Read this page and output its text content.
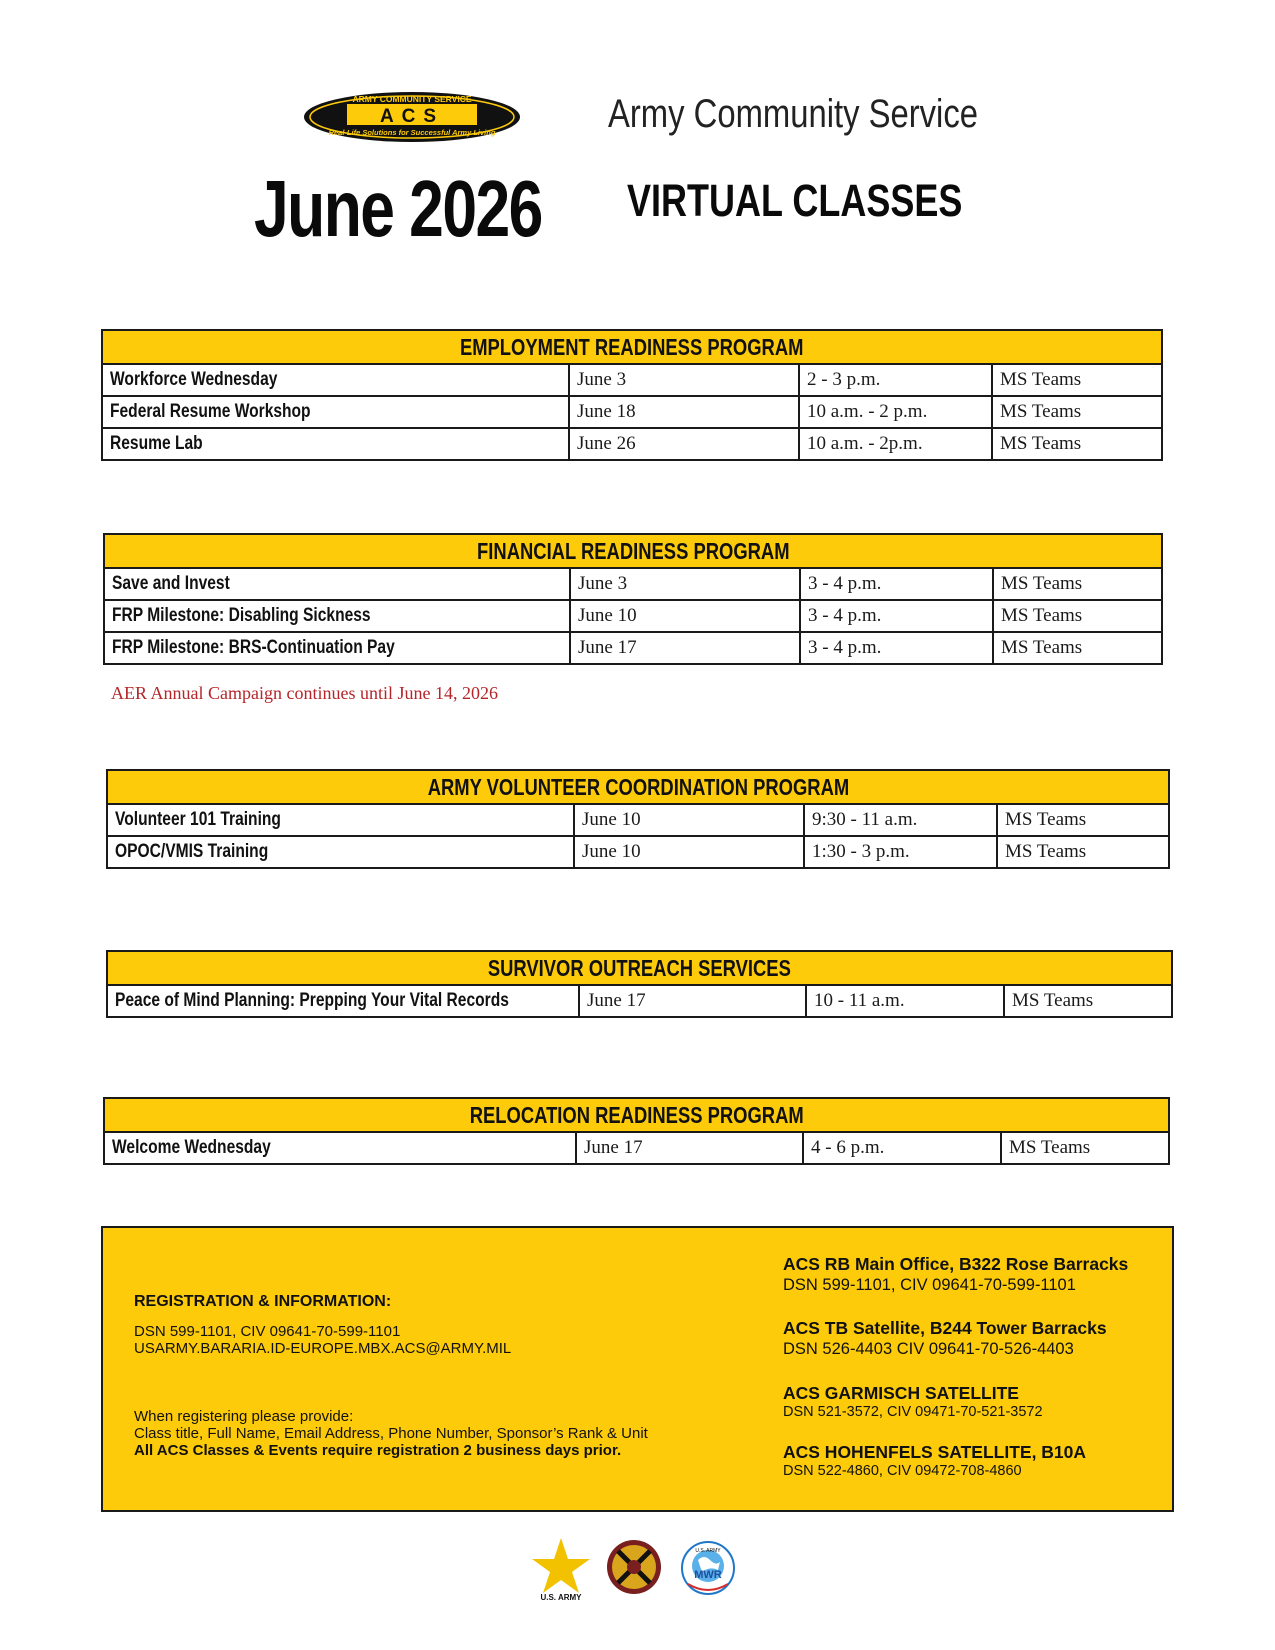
ARMY COMMUNITY SERVICE
ACS
Real-Life Solutions for Successful Army Living	Army Community Service
June 2026 VIRTUAL CLASSES
EMPLOYMENT READINESS PROGRAM
Workforce Wednesday	June 3	2 - 3 p.m.	MS Teams
Federal Resume Workshop	June 18	10 a.m. - 2 p.m.	MS Teams
Resume Lab	June 26	10 a.m. - 2p.m.	MS Teams
FINANCIAL READINESS PROGRAM
Save and Invest	June 3	3 - 4 p.m.	MS Teams
FRP Milestone: Disabling Sickness	June 10	3 - 4 p.m.	MS Teams
FRP Milestone: BRS-Continuation Pay	June 17	3 - 4 p.m.	MS Teams
AER Annual Campaign continues until June 14, 2026
ARMY VOLUNTEER COORDINATION PROGRAM
Volunteer 101 Training	June 10	9:30 - 11 a.m.	MS Teams
OPOC/VMIS Training	June 10	1:30 - 3 p.m.	MS Teams
SURVIVOR OUTREACH SERVICES
Peace of Mind Planning: Prepping Your Vital Records	June 17	10 - 11 a.m.	MS Teams
RELOCATION READINESS PROGRAM
Welcome Wednesday	June 17	4 - 6 p.m.	MS Teams
REGISTRATION & INFORMATION:
DSN 599-1101, CIV 09641-70-599-1101
USARMY.BARARIA.ID-EUROPE.MBX.ACS@ARMY.MIL
When registering please provide:
Class title, Full Name, Email Address, Phone Number, Sponsor’s Rank & Unit
All ACS Classes & Events require registration 2 business days prior.
ACS RB Main Office, B322 Rose Barracks
DSN 599-1101, CIV 09641-70-599-1101
ACS TB Satellite, B244 Tower Barracks
DSN 526-4403 CIV 09641-70-526-4403
ACS GARMISCH SATELLITE
DSN 521-3572, CIV 09471-70-521-3572
ACS HOHENFELS SATELLITE, B10A
DSN 522-4860, CIV 09472-708-4860
U.S. ARMY
U.S. ARMY
MWR
